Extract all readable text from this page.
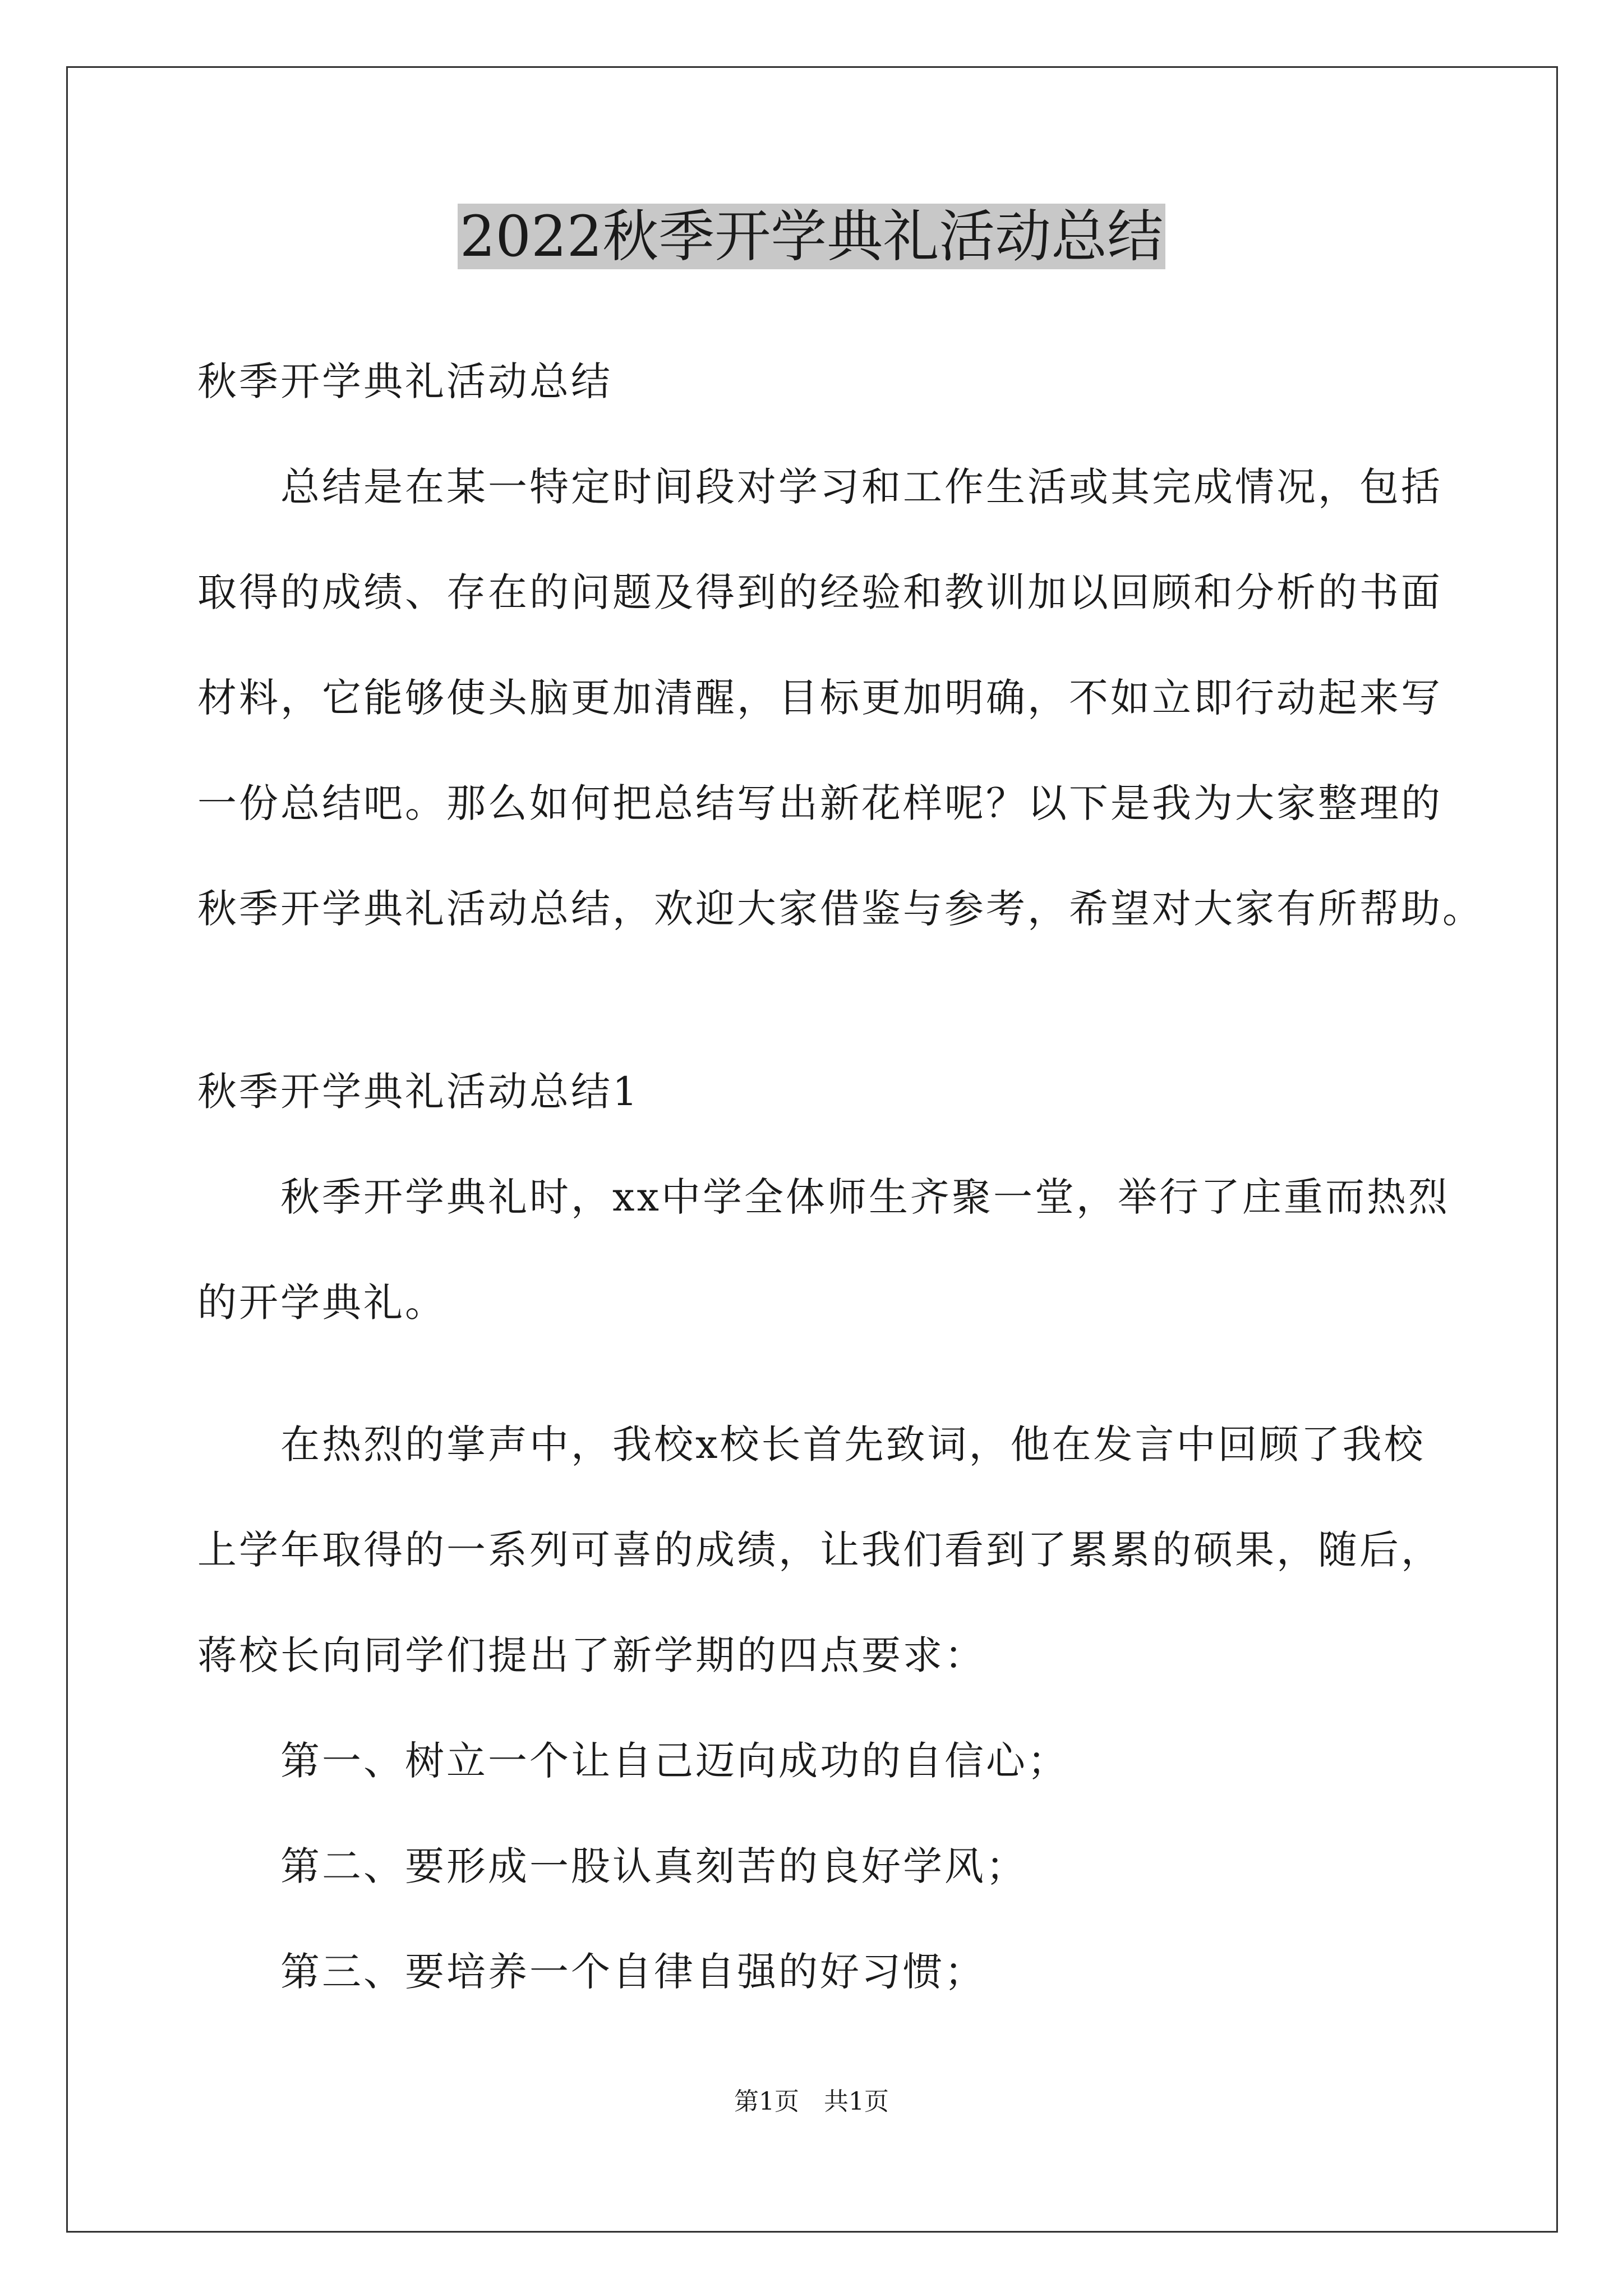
2022秋季开学典礼活动总结
秋季开学典礼活动总结
总结是在某一特定时间段对学习和工作生活或其完成情况，包括
取得的成绩、存在的问题及得到的经验和教训加以回顾和分析的书面
材料，它能够使头脑更加清醒，目标更加明确，不如立即行动起来写
一份总结吧。那么如何把总结写出新花样呢？以下是我为大家整理的
秋季开学典礼活动总结，欢迎大家借鉴与参考，希望对大家有所帮助。
秋季开学典礼活动总结1
秋季开学典礼时，xx中学全体师生齐聚一堂，举行了庄重而热烈
的开学典礼。
在热烈的掌声中，我校x校长首先致词，他在发言中回顾了我校
上学年取得的一系列可喜的成绩，让我们看到了累累的硕果，随后，
蒋校长向同学们提出了新学期的四点要求：
第一、树立一个让自己迈向成功的自信心；
第二、要形成一股认真刻苦的良好学风；
第三、要培养一个自律自强的好习惯；
第1页　共1页
